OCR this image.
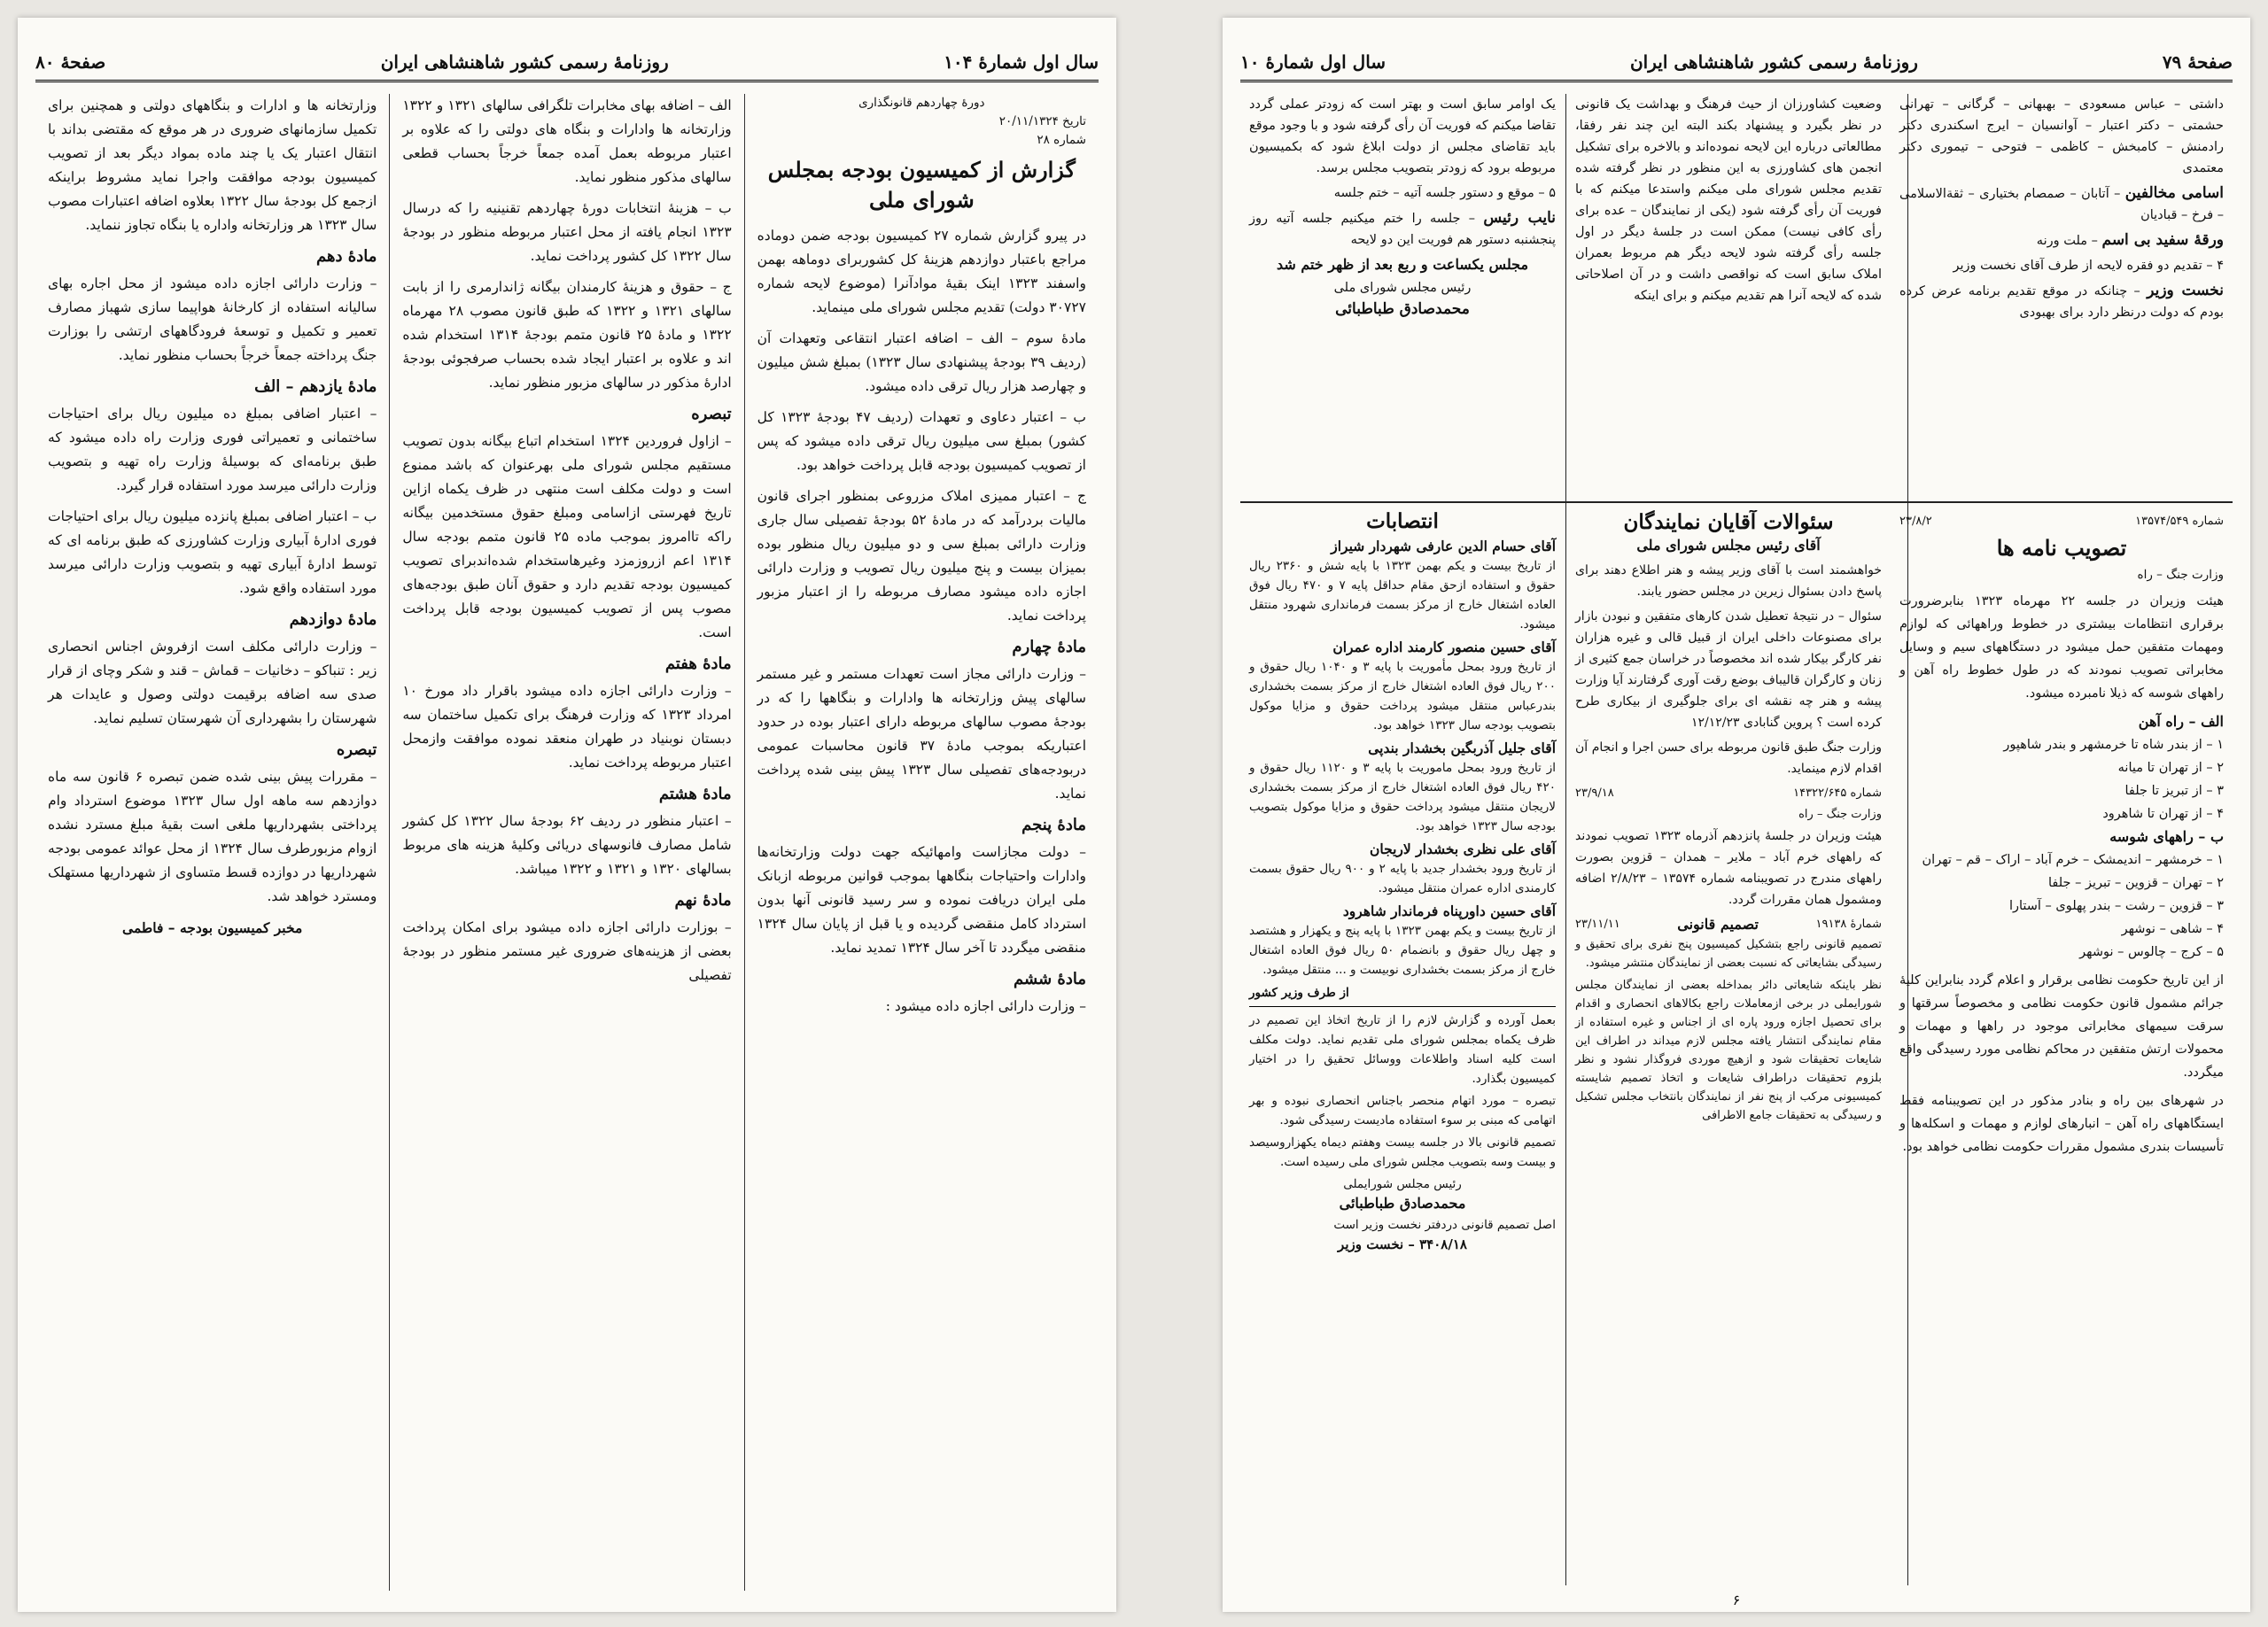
سال اول شمارهٔ ۱۰۴
روزنامهٔ رسمی کشور شاهنشاهی ایران
صفحهٔ ۸۰

دورهٔ چهاردهم قانونگذاری

تاریخ ۲۰/۱۱/۱۳۲۴

شماره ۲۸

گزارش از کمیسیون بودجه بمجلس شورای ملی

در پیرو گزارش شماره ۲۷ کمیسیون بودجه ضمن دوماده مراجع باعتبار دوازدهم هزینهٔ کل کشوربرای دوماهه بهمن واسفند ۱۳۲۳ اینک بقیهٔ موادآنرا (موضوع لایحه شماره ۳۰۷۲۷ دولت) تقدیم مجلس شورای ملی مینماید.

مادهٔ سوم – الف – اضافه اعتبار انتقاعی وتعهدات آن (ردیف ۳۹ بودجهٔ پیشنهادی سال ۱۳۲۳) بمبلغ شش میلیون و چهارصد هزار ریال ترقی داده میشود.

ب – اعتبار دعاوی و تعهدات (ردیف ۴۷ بودجهٔ ۱۳۲۳ کل کشور) بمبلغ سی میلیون ریال ترقی داده میشود که پس از تصویب کمیسیون بودجه قابل پرداخت خواهد بود.

ج – اعتبار ممیزی املاک مزروعی بمنظور اجرای قانون مالیات بردرآمد که در مادهٔ ۵۲ بودجهٔ تفصیلی سال جاری وزارت دارائی بمبلغ سی و دو میلیون ریال منظور بوده بمیزان بیست و پنج میلیون ریال تصویب و وزارت دارائی اجازه داده میشود مصارف مربوطه را از اعتبار مزبور پرداخت نماید.

مادهٔ چهارم

– وزارت دارائی مجاز است تعهدات مستمر و غیر مستمر سالهای پیش وزارتخانه ها وادارات و بنگاهها را که در بودجهٔ مصوب سالهای مربوطه دارای اعتبار بوده در حدود اعتباریکه بموجب مادهٔ ۳۷ قانون محاسبات عمومی دربودجه‌های تفصیلی سال ۱۳۲۳ پیش بینی شده پرداخت نماید.

مادهٔ پنجم

– دولت مجازاست وامهائیکه جهت دولت وزارتخانه‌ها وادارات واحتیاجات بنگاهها بموجب قوانین مربوطه ازبانک ملی ایران دریافت نموده و سر رسید قانونی آنها بدون استرداد کامل منقضی گردیده و یا قبل از پایان سال ۱۳۲۴ منقضی میگردد تا آخر سال ۱۳۲۴ تمدید نماید.

مادهٔ ششم

– وزارت دارائی اجازه داده میشود :

الف – اضافه بهای مخابرات تلگرافی سالهای ۱۳۲۱ و ۱۳۲۲ وزارتخانه ها وادارات و بنگاه های دولتی را که علاوه بر اعتبار مربوطه بعمل آمده جمعاً خرجاً بحساب قطعی سالهای مذکور منظور نماید.

ب – هزینهٔ انتخابات دورهٔ چهاردهم تقنینیه را که درسال ۱۳۲۳ انجام یافته از محل اعتبار مربوطه منظور در بودجهٔ سال ۱۳۲۲ کل کشور پرداخت نماید.

ج – حقوق و هزینهٔ کارمندان بیگانه ژاندارمری را از بابت سالهای ۱۳۲۱ و ۱۳۲۲ که طبق قانون مصوب ۲۸ مهرماه ۱۳۲۲ و مادهٔ ۲۵ قانون متمم بودجهٔ ۱۳۱۴ استخدام شده اند و علاوه بر اعتبار ایجاد شده بحساب صرفجوئی بودجهٔ ادارهٔ مذکور در سالهای مزبور منظور نماید.

تبصره

– ازاول فروردین ۱۳۲۴ استخدام اتباع بیگانه بدون تصویب مستقیم مجلس شورای ملی بهرعنوان که باشد ممنوع است و دولت مکلف است منتهی در ظرف یکماه ازاین تاریخ فهرستی ازاسامی ومبلغ حقوق مستخدمین بیگانه راکه تاامروز بموجب ماده ۲۵ قانون متمم بودجه سال ۱۳۱۴ اعم ازروزمزد وغیرهاستخدام شده‌اندبرای تصویب کمیسیون بودجه تقدیم دارد و حقوق آنان طبق بودجه‌های مصوب پس از تصویب کمیسیون بودجه قابل پرداخت است.

مادهٔ هفتم

– وزارت دارائی اجازه داده میشود باقرار داد مورخ ۱۰ امرداد ۱۳۲۳ که وزارت فرهنگ برای تکمیل ساختمان سه دبستان نوبنیاد در طهران منعقد نموده موافقت وازمحل اعتبار مربوطه پرداخت نماید.

مادهٔ هشتم

– اعتبار منظور در ردیف ۶۲ بودجهٔ سال ۱۳۲۲ کل کشور شامل مصارف فانوسهای دریائی وکلیهٔ هزینه های مربوط بسالهای ۱۳۲۰ و ۱۳۲۱ و ۱۳۲۲ میباشد.

مادهٔ نهم

– بوزارت دارائی اجازه داده میشود برای امکان پرداخت بعضی از هزینه‌های ضروری غیر مستمر منظور در بودجهٔ تفصیلی

وزارتخانه ها و ادارات و بنگاههای دولتی و همچنین برای تکمیل سازمانهای ضروری در هر موقع که مقتضی بداند با انتقال اعتبار یک یا چند ماده بمواد دیگر بعد از تصویب کمیسیون بودجه موافقت واجرا نماید مشروط براینکه ازجمع کل بودجهٔ سال ۱۳۲۲ بعلاوه اضافه اعتبارات مصوب سال ۱۳۲۳ هر وزارتخانه واداره یا بنگاه تجاوز ننماید.

مادهٔ دهم

– وزارت دارائی اجازه داده میشود از محل اجاره بهای سالیانه استفاده از کارخانهٔ هواپیما سازی شهباز مصارف تعمیر و تکمیل و توسعهٔ فرودگاههای ارتشی را بوزارت جنگ پرداخته جمعاً خرجاً بحساب منظور نماید.

مادهٔ یازدهم – الف

– اعتبار اضافی بمبلغ ده میلیون ریال برای احتیاجات ساختمانی و تعمیراتی فوری وزارت راه داده میشود که طبق برنامه‌ای که بوسیلهٔ وزارت راه تهیه و بتصویب وزارت دارائی میرسد مورد استفاده قرار گیرد.

ب – اعتبار اضافی بمبلغ پانزده میلیون ریال برای احتیاجات فوری ادارهٔ آبیاری وزارت کشاورزی که طبق برنامه ای که توسط ادارهٔ آبیاری تهیه و بتصویب وزارت دارائی میرسد مورد استفاده واقع شود.

مادهٔ دوازدهم

– وزارت دارائی مکلف است ازفروش اجناس انحصاری زیر : تنباکو – دخانیات – قماش – قند و شکر وچای از قرار صدی سه اضافه برقیمت دولتی وصول و عایدات هر شهرستان را بشهرداری آن شهرستان تسلیم نماید.

تبصره

– مقررات پیش بینی شده ضمن تبصره ۶ قانون سه ماه دوازدهم سه ماهه اول سال ۱۳۲۳ موضوع استرداد وام پرداختی بشهرداریها ملغی است بقیهٔ مبلغ مسترد نشده ازوام مزبورطرف سال ۱۳۲۴ از محل عوائد عمومی بودجه شهرداریها در دوازده قسط متساوی از شهرداریها مستهلک ومسترد خواهد شد.

مخبر کمیسیون بودجه – فاطمی

صفحهٔ ۷۹
روزنامهٔ رسمی کشور شاهنشاهی ایران
سال اول شمارهٔ ۱۰

داشتی – عباس مسعودی – بهبهانی – گرگانی – تهرانی حشمتی – دکتر اعتبار – آوانسیان – ایرج اسکندری دکتر رادمنش – کامبخش – کاظمی – فتوحی – تیموری دکتر معتمدی

اسامی مخالفین – آتابان – صمصام بختیاری – ثقة‌الاسلامی – فرخ – قبادیان

ورقهٔ سفید بی اسم – ملت ورنه

۴ – تقدیم دو فقره لایحه از طرف آقای نخست وزیر

نخست وزیر – چنانکه در موقع تقدیم برنامه عرض کرده بودم که دولت درنظر دارد برای بهبودی

وضعیت کشاورزان از حیث فرهنگ و بهداشت یک قانونی در نظر بگیرد و پیشنهاد بکند البته این چند نفر رفقا، مطالعاتی درباره این لایحه نموده‌اند و بالاخره برای تشکیل انجمن های کشاورزی به این منظور در نظر گرفته شده تقدیم مجلس شورای ملی میکنم واستدعا میکنم که با فوریت آن رأی گرفته شود (یکی از نمایندگان – عده برای رأی کافی نیست) ممکن است در جلسهٔ دیگر در اول جلسه رأی گرفته شود لایحه دیگر هم مربوط بعمران املاک سابق است که نواقصی داشت و در آن اصلاحاتی شده که لایحه آنرا هم تقدیم میکنم و برای اینکه

یک اوامر سابق است و بهتر است که زودتر عملی گردد تقاضا میکنم که فوریت آن رأی گرفته شود و با وجود موقع باید تقاضای مجلس از دولت ابلاغ شود که بکمیسیون مربوطه برود که زودتر بتصویب مجلس برسد.

۵ – موقع و دستور جلسه آتیه – ختم جلسه

نایب رئیس – جلسه را ختم میکنیم جلسه آتیه روز پنجشنبه دستور هم فوریت این دو لایحه

مجلس یکساعت و ربع بعد از ظهر ختم شد

رئیس مجلس شورای ملی

محمدصادق طباطبائی

شماره ۱۳۵۷۴/۵۴۹
۲۳/۸/۲
تصویب نامه ها

وزارت جنگ – راه

هیئت وزیران در جلسه ۲۲ مهرماه ۱۳۲۳ بنابرضرورت برقراری انتظامات بیشتری در خطوط وراههائی که لوازم ومهمات متفقین حمل میشود در دستگاههای سیم و وسایل مخابراتی تصویب نمودند که در طول خطوط راه آهن و راههای شوسه که ذیلا نامبرده میشود.

الف – راه آهن

۱ – از بندر شاه تا خرمشهر و بندر شاهپور

۲ – از تهران تا میانه

۳ – از تبریز تا جلفا

۴ – از تهران تا شاهرود

ب – راههای شوسه

۱ – خرمشهر – اندیمشک – خرم آباد – اراک – قم – تهران

۲ – تهران – قزوین – تبریز – جلفا

۳ – قزوین – رشت – بندر پهلوی – آستارا

۴ – شاهی – نوشهر

۵ – کرج – چالوس – نوشهر

از این تاریخ حکومت نظامی برقرار و اعلام گردد بنابراین کلیهٔ جرائم مشمول قانون حکومت نظامی و مخصوصاً سرقتها و سرقت سیمهای مخابراتی موجود در راهها و مهمات و محمولات ارتش متفقین در محاکم نظامی مورد رسیدگی واقع میگردد.

در شهرهای بین راه و بنادر مذکور در این تصویبنامه فقط ایستگاههای راه آهن – انبارهای لوازم و مهمات و اسکله‌ها و تأسیسات بندری مشمول مقررات حکومت نظامی خواهد بود.

سئوالات آقایان نمایندگان

آقای رئیس مجلس شورای ملی

خواهشمند است با آقای وزیر پیشه و هنر اطلاع دهند برای پاسخ دادن بسئوال زیرین در مجلس حضور یابند.

سئوال – در نتیجهٔ تعطیل شدن کارهای متفقین و نبودن بازار برای مصنوعات داخلی ایران از قبیل قالی و غیره هزاران نفر کارگر بیکار شده اند مخصوصاً در خراسان جمع کثیری از زنان و کارگران قالیباف بوضع رقت آوری گرفتارند آیا وزارت پیشه و هنر چه نقشه ای برای جلوگیری از بیکاری طرح کرده است ؟ پروین گنابادی ۱۲/۱۲/۲۳

وزارت جنگ طبق قانون مربوطه برای حسن اجرا و انجام آن اقدام لازم مینماید.

شماره ۱۴۳۲۲/۶۴۵
۲۳/۹/۱۸

وزارت جنگ – راه

هیئت وزیران در جلسهٔ پانزدهم آذرماه ۱۳۲۳ تصویب نمودند که راههای خرم آباد – ملایر – همدان – قزوین بصورت راههای مندرج در تصویبنامه شماره ۱۳۵۷۴ – ۲/۸/۲۳ اضافه ومشمول همان مقررات گردد.

شمارهٔ ۱۹۱۳۸
تصمیم قانونی
۲۳/۱۱/۱۱

تصمیم قانونی راجع بتشکیل کمیسیون پنج نفری برای تحقیق و رسیدگی بشایعاتی که نسبت بعضی از نمایندگان منتشر میشود.

نظر باینکه شایعاتی دائر بمداخله بعضی از نمایندگان مجلس شورایملی در برخی ازمعاملات راجع بکالاهای انحصاری و اقدام برای تحصیل اجازه ورود پاره ای از اجناس و غیره استفاده از مقام نمایندگی انتشار یافته مجلس لازم میداند در اطراف این شایعات تحقیقات شود و ازهیچ موردی فروگذار نشود و نظر بلزوم تحقیقات دراطراف شایعات و اتخاذ تصمیم شایسته کمیسیونی مرکب از پنج نفر از نمایندگان بانتخاب مجلس تشکیل و رسیدگی به تحقیقات جامع الاطرافی

انتصابات

آقای حسام الدین عارفی شهردار شیراز

از تاریخ بیست و یکم بهمن ۱۳۲۳ با پایه شش و ۲۳۶۰ ریال حقوق و استفاده ازحق مقام حداقل پایه ۷ و ۴۷۰ ریال فوق العاده اشتغال خارج از مرکز بسمت فرمانداری شهرود منتقل میشود.

آقای حسین منصور کارمند اداره عمران

از تاریخ ورود بمحل مأموریت با پایه ۳ و ۱۰۴۰ ریال حقوق و ۲۰۰ ریال فوق العاده اشتغال خارج از مرکز بسمت بخشداری بندرعباس منتقل میشود پرداخت حقوق و مزایا موکول بتصویب بودجه سال ۱۳۲۳ خواهد بود.

آقای جلیل آذربگین بخشدار بندپی

از تاریخ ورود بمحل ماموریت با پایه ۳ و ۱۱۲۰ ریال حقوق و ۴۲۰ ریال فوق العاده اشتغال خارج از مرکز بسمت بخشداری لاریجان منتقل میشود پرداخت حقوق و مزایا موکول بتصویب بودجه سال ۱۳۲۳ خواهد بود.

آقای علی نظری بخشدار لاریجان

از تاریخ ورود بخشدار جدید با پایه ۲ و ۹۰۰ ریال حقوق بسمت کارمندی اداره عمران منتقل میشود.

آقای حسین داورپناه فرماندار شاهرود

از تاریخ بیست و یکم بهمن ۱۳۲۳ با پایه پنج و یکهزار و هشتصد و چهل ریال حقوق و بانضمام ۵۰ ریال فوق العاده اشتغال خارج از مرکز بسمت بخشداری نوبیست و ... منتقل میشود.

از طرف وزیر کشور

بعمل آورده و گزارش لازم را از تاریخ اتخاذ این تصمیم در ظرف یکماه بمجلس شورای ملی تقدیم نماید. دولت مکلف است کلیه اسناد واطلاعات ووسائل تحقیق را در اختیار کمیسیون بگذارد.

تبصره – مورد اتهام منحصر باجناس انحصاری نبوده و بهر اتهامی که مبنی بر سوء استفاده مادیست رسیدگی شود.

تصمیم قانونی بالا در جلسه بیست وهفتم دیماه یکهزاروسیصد و بیست وسه بتصویب مجلس شورای ملی رسیده است.

رئیس مجلس شورایملی

محمدصادق طباطبائی

اصل تصمیم قانونی دردفتر نخست وزیر است

۳۴۰۸/۱۸ – نخست وزیر

۶
